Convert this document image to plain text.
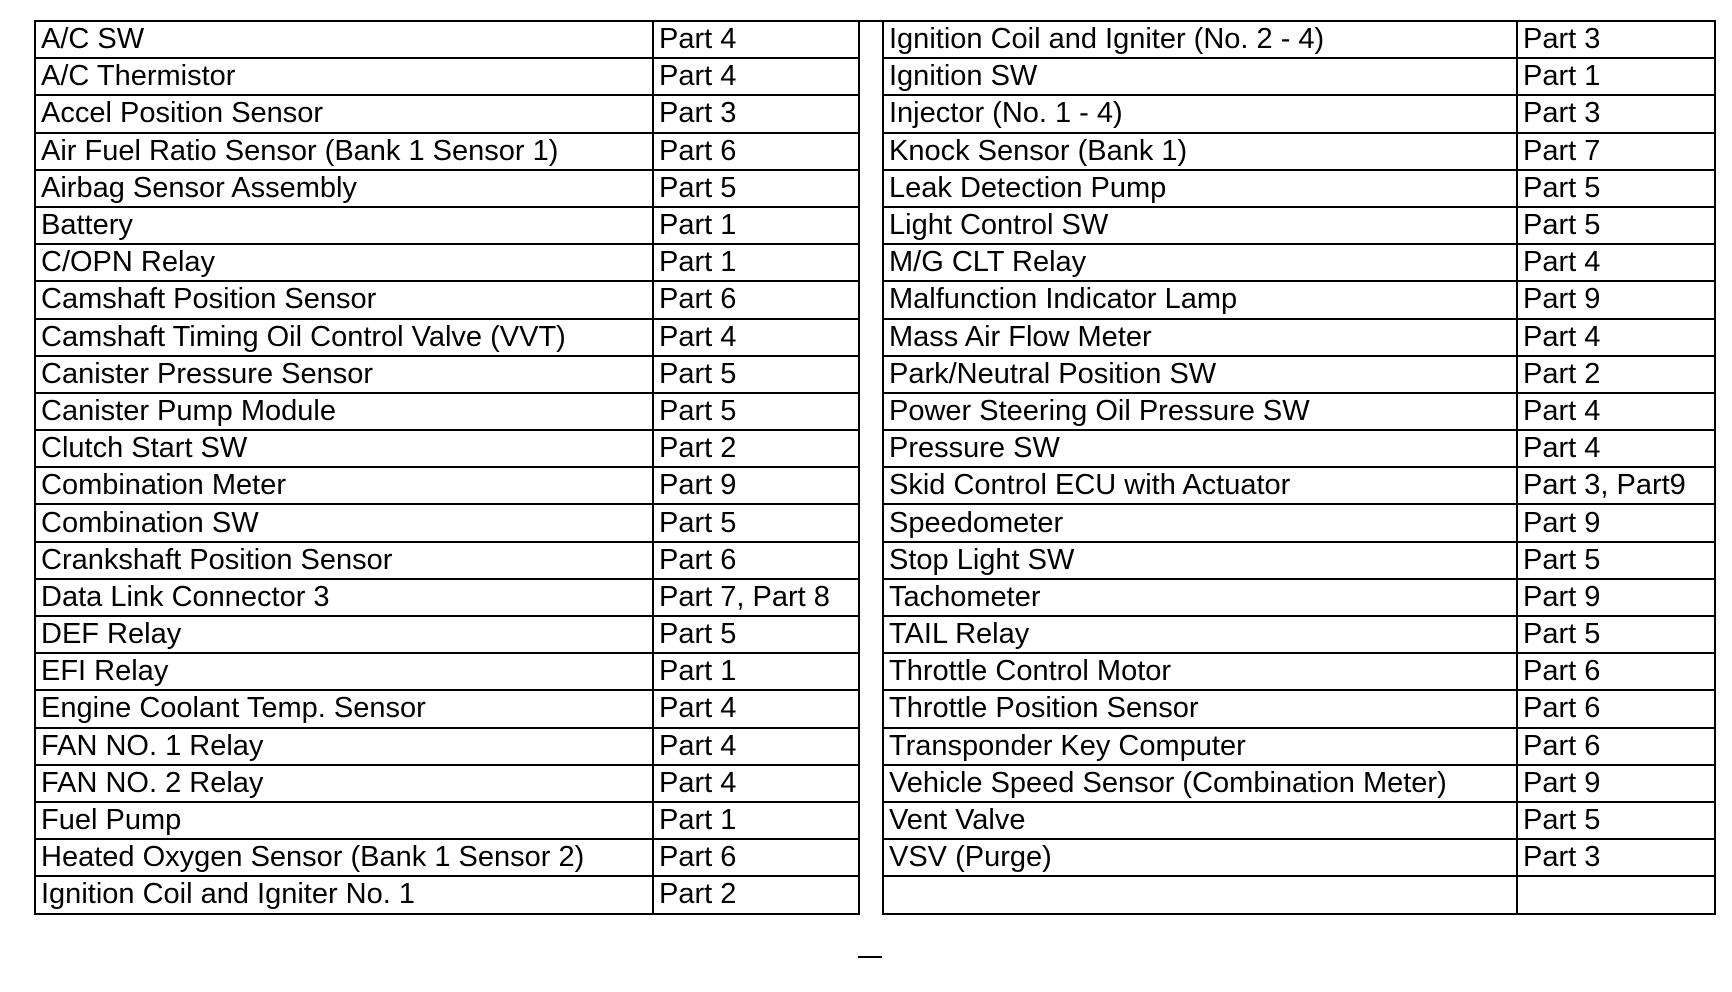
A/C SW	Part 4
A/C Thermistor	Part 4
Accel Position Sensor	Part 3
Air Fuel Ratio Sensor (Bank 1 Sensor 1)	Part 6
Airbag Sensor Assembly	Part 5
Battery	Part 1
C/OPN Relay	Part 1
Camshaft Position Sensor	Part 6
Camshaft Timing Oil Control Valve (VVT)	Part 4
Canister Pressure Sensor	Part 5
Canister Pump Module	Part 5
Clutch Start SW	Part 2
Combination Meter	Part 9
Combination SW	Part 5
Crankshaft Position Sensor	Part 6
Data Link Connector 3	Part 7, Part 8
DEF Relay	Part 5
EFI Relay	Part 1
Engine Coolant Temp. Sensor	Part 4
FAN NO. 1 Relay	Part 4
FAN NO. 2 Relay	Part 4
Fuel Pump	Part 1
Heated Oxygen Sensor (Bank 1 Sensor 2)	Part 6
Ignition Coil and Igniter No. 1	Part 2
Ignition Coil and Igniter (No. 2 - 4)	Part 3
Ignition SW	Part 1
Injector (No. 1 - 4)	Part 3
Knock Sensor (Bank 1)	Part 7
Leak Detection Pump	Part 5
Light Control SW	Part 5
M/G CLT Relay	Part 4
Malfunction Indicator Lamp	Part 9
Mass Air Flow Meter	Part 4
Park/Neutral Position SW	Part 2
Power Steering Oil Pressure SW	Part 4
Pressure SW	Part 4
Skid Control ECU with Actuator	Part 3, Part9
Speedometer	Part 9
Stop Light SW	Part 5
Tachometer	Part 9
TAIL Relay	Part 5
Throttle Control Motor	Part 6
Throttle Position Sensor	Part 6
Transponder Key Computer	Part 6
Vehicle Speed Sensor (Combination Meter)	Part 9
Vent Valve	Part 5
VSV (Purge)	Part 3
